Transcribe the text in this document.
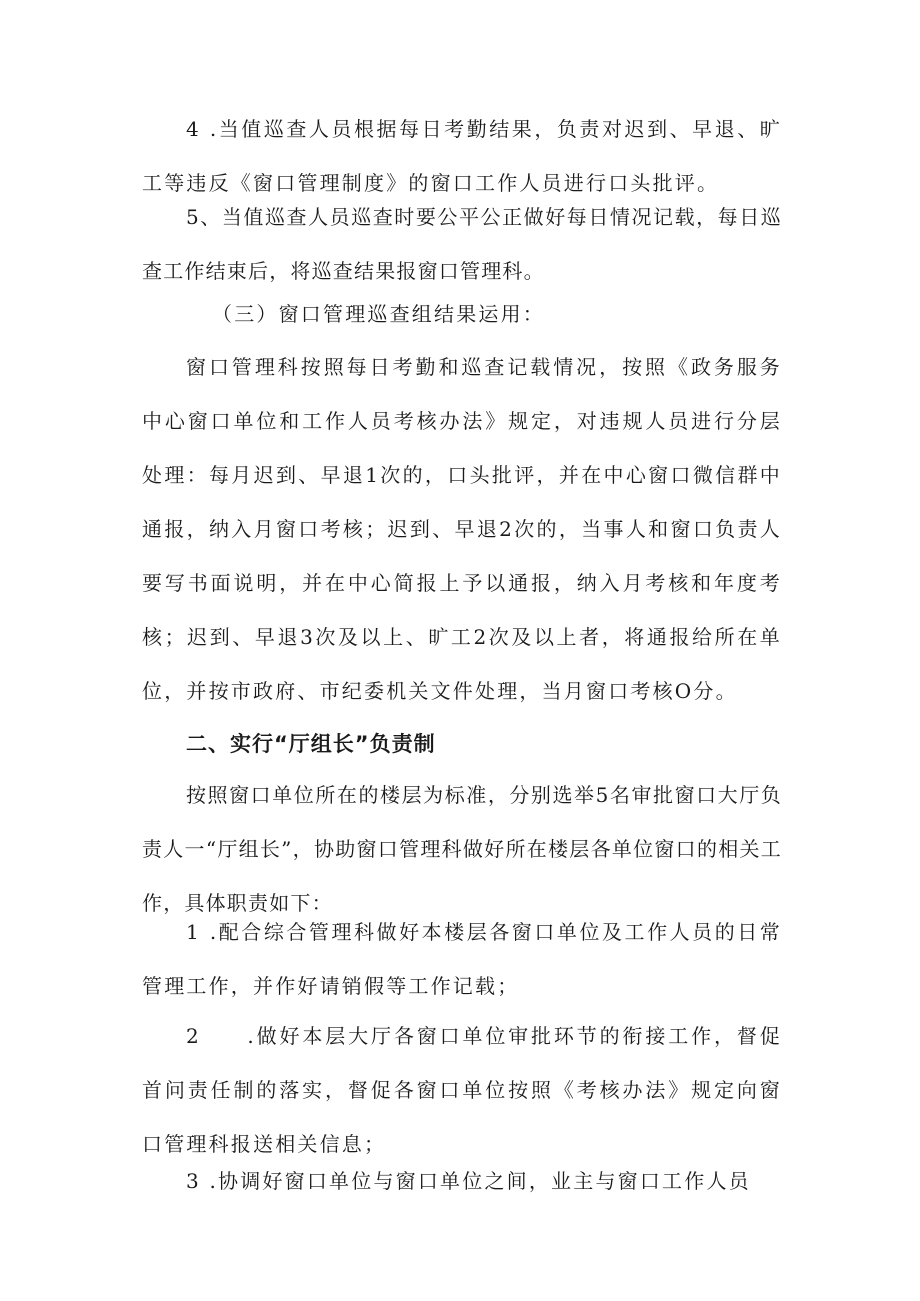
4 .当值巡查人员根据每日考勤结果，负责对迟到、早退、旷工等违反《窗口管理制度》的窗口工作人员进行口头批评。

5、当值巡查人员巡查时要公平公正做好每日情况记载，每日巡查工作结束后，将巡查结果报窗口管理科。

（三）窗口管理巡查组结果运用：

窗口管理科按照每日考勤和巡查记载情况，按照《政务服务中心窗口单位和工作人员考核办法》规定，对违规人员进行分层处理：每月迟到、早退1次的，口头批评，并在中心窗口微信群中通报，纳入月窗口考核；迟到、早退2次的，当事人和窗口负责人要写书面说明，并在中心简报上予以通报，纳入月考核和年度考核；迟到、早退3次及以上、旷工2次及以上者，将通报给所在单位，并按市政府、市纪委机关文件处理，当月窗口考核O分。

二、实行“厅组长”负责制

按照窗口单位所在的楼层为标准，分别选举5名审批窗口大厅负责人一“厅组长”，协助窗口管理科做好所在楼层各单位窗口的相关工作，具体职责如下：

1 .配合综合管理科做好本楼层各窗口单位及工作人员的日常管理工作，并作好请销假等工作记载；

2　　.做好本层大厅各窗口单位审批环节的衔接工作，督促首问责任制的落实，督促各窗口单位按照《考核办法》规定向窗口管理科报送相关信息；

3 .协调好窗口单位与窗口单位之间，业主与窗口工作人员
